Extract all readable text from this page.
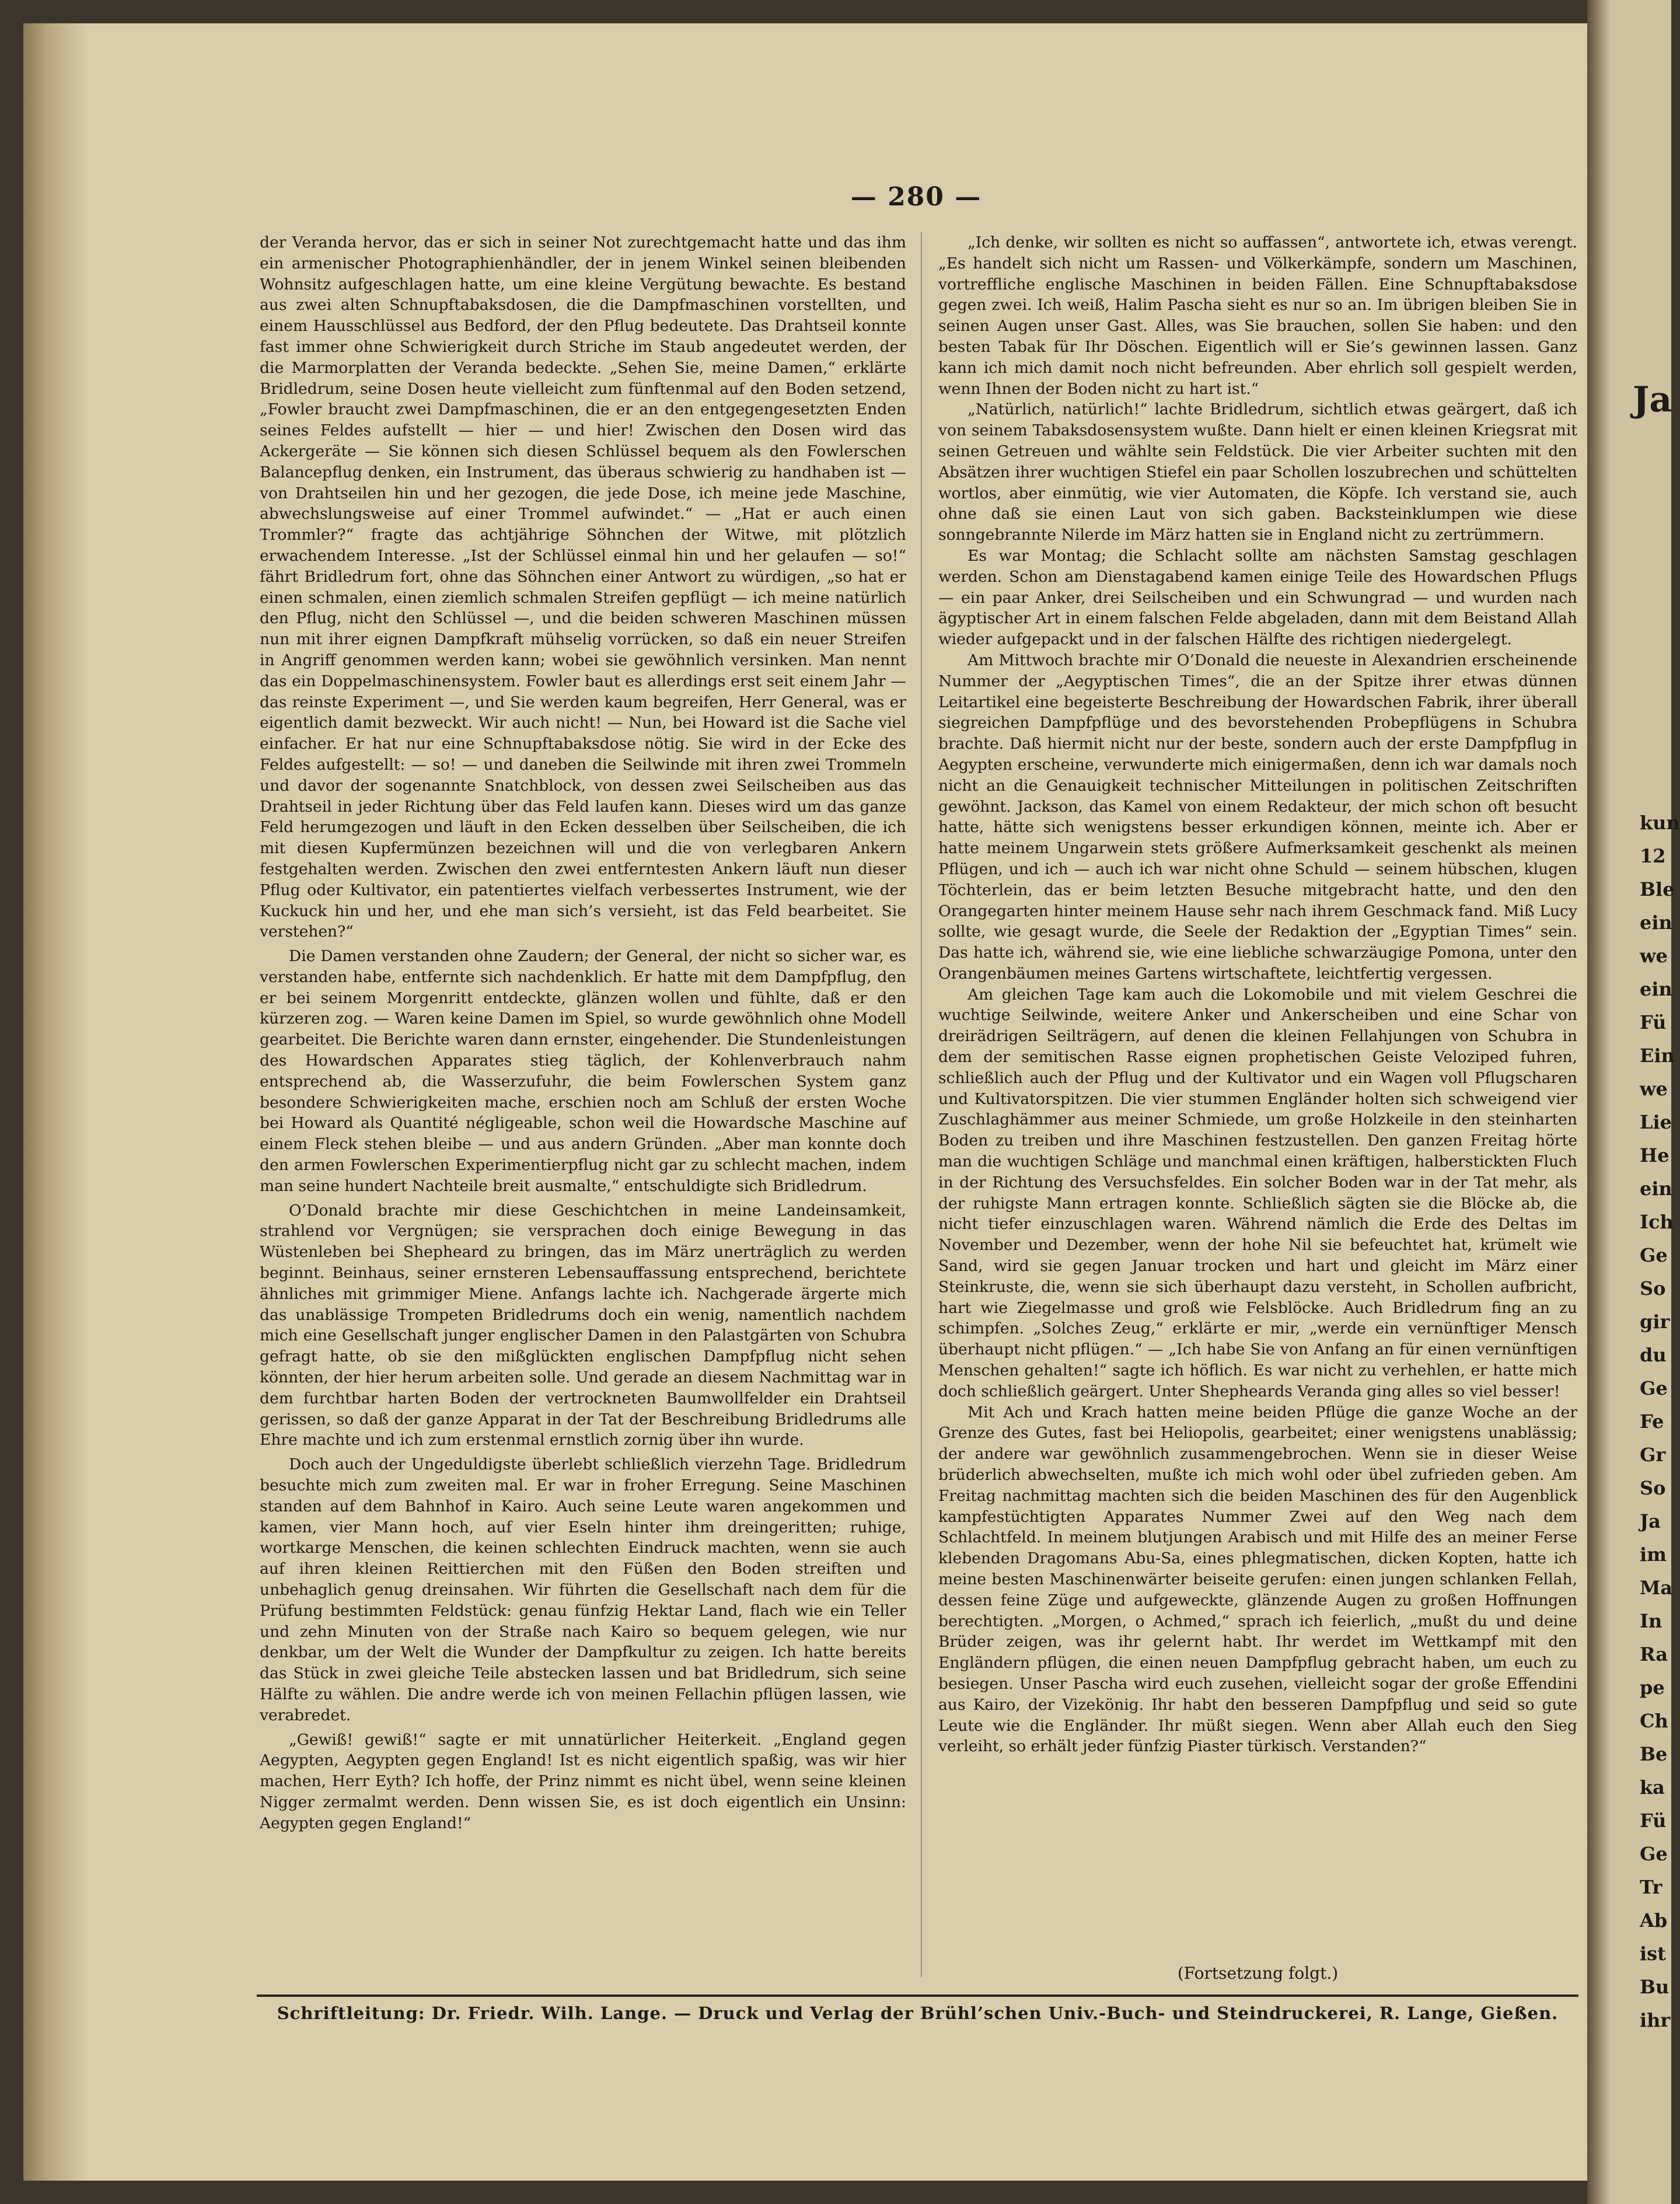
— 280 —

der Veranda hervor, das er sich in seiner Not zurechtgemacht hatte und das ihm ein armenischer Photographienhändler, der in jenem Winkel seinen bleibenden Wohnsitz aufgeschlagen hatte, um eine kleine Vergütung bewachte. Es bestand aus zwei alten Schnupftabaksdosen, die die Dampfmaschinen vorstellten, und einem Hausschlüssel aus Bedford, der den Pflug bedeutete. Das Drahtseil konnte fast immer ohne Schwierigkeit durch Striche im Staub angedeutet werden, der die Marmorplatten der Veranda bedeckte. „Sehen Sie, meine Damen,“ erklärte Bridledrum, seine Dosen heute vielleicht zum fünftenmal auf den Boden setzend, „Fowler braucht zwei Dampfmaschinen, die er an den entgegengesetzten Enden seines Feldes aufstellt — hier — und hier! Zwischen den Dosen wird das Ackergeräte — Sie können sich diesen Schlüssel bequem als den Fowlerschen Balancepflug denken, ein Instrument, das überaus schwierig zu handhaben ist — von Drahtseilen hin und her gezogen, die jede Dose, ich meine jede Maschine, abwechslungsweise auf einer Trommel aufwindet.“ — „Hat er auch einen Trommler?“ fragte das achtjährige Söhnchen der Witwe, mit plötzlich erwachendem Interesse. „Ist der Schlüssel einmal hin und her gelaufen — so!“ fährt Bridledrum fort, ohne das Söhnchen einer Antwort zu würdigen, „so hat er einen schmalen, einen ziemlich schmalen Streifen gepflügt — ich meine natürlich den Pflug, nicht den Schlüssel —, und die beiden schweren Maschinen müssen nun mit ihrer eignen Dampfkraft mühselig vorrücken, so daß ein neuer Streifen in Angriff genommen werden kann; wobei sie gewöhnlich versinken. Man nennt das ein Doppelmaschinensystem. Fowler baut es allerdings erst seit einem Jahr — das reinste Experiment —, und Sie werden kaum begreifen, Herr General, was er eigentlich damit bezweckt. Wir auch nicht! — Nun, bei Howard ist die Sache viel einfacher. Er hat nur eine Schnupftabaksdose nötig. Sie wird in der Ecke des Feldes aufgestellt: — so! — und daneben die Seilwinde mit ihren zwei Trommeln und davor der sogenannte Snatchblock, von dessen zwei Seilscheiben aus das Drahtseil in jeder Richtung über das Feld laufen kann. Dieses wird um das ganze Feld herumgezogen und läuft in den Ecken desselben über Seilscheiben, die ich mit diesen Kupfermünzen bezeichnen will und die von verlegbaren Ankern festgehalten werden. Zwischen den zwei entferntesten Ankern läuft nun dieser Pflug oder Kultivator, ein patentiertes vielfach verbessertes Instrument, wie der Kuckuck hin und her, und ehe man sich’s versieht, ist das Feld bearbeitet. Sie verstehen?“

Die Damen verstanden ohne Zaudern; der General, der nicht so sicher war, es verstanden habe, entfernte sich nachdenklich. Er hatte mit dem Dampfpflug, den er bei seinem Morgenritt entdeckte, glänzen wollen und fühlte, daß er den kürzeren zog. — Waren keine Damen im Spiel, so wurde gewöhnlich ohne Modell gearbeitet. Die Berichte waren dann ernster, eingehender. Die Stundenleistungen des Howardschen Apparates stieg täglich, der Kohlenverbrauch nahm entsprechend ab, die Wasserzufuhr, die beim Fowlerschen System ganz besondere Schwierigkeiten mache, erschien noch am Schluß der ersten Woche bei Howard als Quantité négligeable, schon weil die Howardsche Maschine auf einem Fleck stehen bleibe — und aus andern Gründen. „Aber man konnte doch den armen Fowlerschen Experimentierpflug nicht gar zu schlecht machen, indem man seine hundert Nachteile breit ausmalte,“ entschuldigte sich Bridledrum.

O’Donald brachte mir diese Geschichtchen in meine Landeinsamkeit, strahlend vor Vergnügen; sie versprachen doch einige Bewegung in das Wüstenleben bei Shepheard zu bringen, das im März unerträglich zu werden beginnt. Beinhaus, seiner ernsteren Lebensauffassung entsprechend, berichtete ähnliches mit grimmiger Miene. Anfangs lachte ich. Nachgerade ärgerte mich das unablässige Trompeten Bridledrums doch ein wenig, namentlich nachdem mich eine Gesellschaft junger englischer Damen in den Palastgärten von Schubra gefragt hatte, ob sie den mißglückten englischen Dampfpflug nicht sehen könnten, der hier herum arbeiten solle. Und gerade an diesem Nachmittag war in dem furchtbar harten Boden der vertrockneten Baumwollfelder ein Drahtseil gerissen, so daß der ganze Apparat in der Tat der Beschreibung Bridledrums alle Ehre machte und ich zum erstenmal ernstlich zornig über ihn wurde.

Doch auch der Ungeduldigste überlebt schließlich vierzehn Tage. Bridledrum besuchte mich zum zweiten mal. Er war in froher Erregung. Seine Maschinen standen auf dem Bahnhof in Kairo. Auch seine Leute waren angekommen und kamen, vier Mann hoch, auf vier Eseln hinter ihm dreingeritten; ruhige, wortkarge Menschen, die keinen schlechten Eindruck machten, wenn sie auch auf ihren kleinen Reittierchen mit den Füßen den Boden streiften und unbehaglich genug dreinsahen. Wir führten die Gesellschaft nach dem für die Prüfung bestimmten Feldstück: genau fünfzig Hektar Land, flach wie ein Teller und zehn Minuten von der Straße nach Kairo so bequem gelegen, wie nur denkbar, um der Welt die Wunder der Dampfkultur zu zeigen. Ich hatte bereits das Stück in zwei gleiche Teile abstecken lassen und bat Bridledrum, sich seine Hälfte zu wählen. Die andre werde ich von meinen Fellachin pflügen lassen, wie verabredet.

„Gewiß! gewiß!“ sagte er mit unnatürlicher Heiterkeit. „England gegen Aegypten, Aegypten gegen England! Ist es nicht eigentlich spaßig, was wir hier machen, Herr Eyth? Ich hoffe, der Prinz nimmt es nicht übel, wenn seine kleinen Nigger zermalmt werden. Denn wissen Sie, es ist doch eigentlich ein Unsinn: Aegypten gegen England!“

„Ich denke, wir sollten es nicht so auffassen“, antwortete ich, etwas verengt. „Es handelt sich nicht um Rassen- und Völkerkämpfe, sondern um Maschinen, vortreffliche englische Maschinen in beiden Fällen. Eine Schnupftabaksdose gegen zwei. Ich weiß, Halim Pascha sieht es nur so an. Im übrigen bleiben Sie in seinen Augen unser Gast. Alles, was Sie brauchen, sollen Sie haben: und den besten Tabak für Ihr Döschen. Eigentlich will er Sie’s gewinnen lassen. Ganz kann ich mich damit noch nicht befreunden. Aber ehrlich soll gespielt werden, wenn Ihnen der Boden nicht zu hart ist.“

„Natürlich, natürlich!“ lachte Bridledrum, sichtlich etwas geärgert, daß ich von seinem Tabaksdosensystem wußte. Dann hielt er einen kleinen Kriegsrat mit seinen Getreuen und wählte sein Feldstück. Die vier Arbeiter suchten mit den Absätzen ihrer wuchtigen Stiefel ein paar Schollen loszubrechen und schüttelten wortlos, aber einmütig, wie vier Automaten, die Köpfe. Ich verstand sie, auch ohne daß sie einen Laut von sich gaben. Backsteinklumpen wie diese sonngebrannte Nilerde im März hatten sie in England nicht zu zertrümmern.

Es war Montag; die Schlacht sollte am nächsten Samstag geschlagen werden. Schon am Dienstagabend kamen einige Teile des Howardschen Pflugs — ein paar Anker, drei Seilscheiben und ein Schwungrad — und wurden nach ägyptischer Art in einem falschen Felde abgeladen, dann mit dem Beistand Allah wieder aufgepackt und in der falschen Hälfte des richtigen niedergelegt.

Am Mittwoch brachte mir O’Donald die neueste in Alexandrien erscheinende Nummer der „Aegyptischen Times“, die an der Spitze ihrer etwas dünnen Leitartikel eine begeisterte Beschreibung der Howardschen Fabrik, ihrer überall siegreichen Dampfpflüge und des bevorstehenden Probepflügens in Schubra brachte. Daß hiermit nicht nur der beste, sondern auch der erste Dampfpflug in Aegypten erscheine, verwunderte mich einigermaßen, denn ich war damals noch nicht an die Genauigkeit technischer Mitteilungen in politischen Zeitschriften gewöhnt. Jackson, das Kamel von einem Redakteur, der mich schon oft besucht hatte, hätte sich wenigstens besser erkundigen können, meinte ich. Aber er hatte meinem Ungarwein stets größere Aufmerksamkeit geschenkt als meinen Pflügen, und ich — auch ich war nicht ohne Schuld — seinem hübschen, klugen Töchterlein, das er beim letzten Besuche mitgebracht hatte, und den den Orangegarten hinter meinem Hause sehr nach ihrem Geschmack fand. Miß Lucy sollte, wie gesagt wurde, die Seele der Redaktion der „Egyptian Times“ sein. Das hatte ich, während sie, wie eine liebliche schwarzäugige Pomona, unter den Orangenbäumen meines Gartens wirtschaftete, leichtfertig vergessen.

Am gleichen Tage kam auch die Lokomobile und mit vielem Geschrei die wuchtige Seilwinde, weitere Anker und Ankerscheiben und eine Schar von dreirädrigen Seilträgern, auf denen die kleinen Fellahjungen von Schubra in dem der semitischen Rasse eignen prophetischen Geiste Veloziped fuhren, schließlich auch der Pflug und der Kultivator und ein Wagen voll Pflugscharen und Kultivatorspitzen. Die vier stummen Engländer holten sich schweigend vier Zuschlaghämmer aus meiner Schmiede, um große Holzkeile in den steinharten Boden zu treiben und ihre Maschinen festzustellen. Den ganzen Freitag hörte man die wuchtigen Schläge und manchmal einen kräftigen, halberstickten Fluch in der Richtung des Versuchsfeldes. Ein solcher Boden war in der Tat mehr, als der ruhigste Mann ertragen konnte. Schließlich sägten sie die Blöcke ab, die nicht tiefer einzuschlagen waren. Während nämlich die Erde des Deltas im November und Dezember, wenn der hohe Nil sie befeuchtet hat, krümelt wie Sand, wird sie gegen Januar trocken und hart und gleicht im März einer Steinkruste, die, wenn sie sich überhaupt dazu versteht, in Schollen aufbricht, hart wie Ziegelmasse und groß wie Felsblöcke. Auch Bridledrum fing an zu schimpfen. „Solches Zeug,“ erklärte er mir, „werde ein vernünftiger Mensch überhaupt nicht pflügen.“ — „Ich habe Sie von Anfang an für einen vernünftigen Menschen gehalten!“ sagte ich höflich. Es war nicht zu verhehlen, er hatte mich doch schließlich geärgert. Unter Shepheards Veranda ging alles so viel besser!

Mit Ach und Krach hatten meine beiden Pflüge die ganze Woche an der Grenze des Gutes, fast bei Heliopolis, gearbeitet; einer wenigstens unablässig; der andere war gewöhnlich zusammengebrochen. Wenn sie in dieser Weise brüderlich abwechselten, mußte ich mich wohl oder übel zufrieden geben. Am Freitag nachmittag machten sich die beiden Maschinen des für den Augenblick kampfestüchtigten Apparates Nummer Zwei auf den Weg nach dem Schlachtfeld. In meinem blutjungen Arabisch und mit Hilfe des an meiner Ferse klebenden Dragomans Abu-Sa, eines phlegmatischen, dicken Kopten, hatte ich meine besten Maschinenwärter beiseite gerufen: einen jungen schlanken Fellah, dessen feine Züge und aufgeweckte, glänzende Augen zu großen Hoffnungen berechtigten. „Morgen, o Achmed,“ sprach ich feierlich, „mußt du und deine Brüder zeigen, was ihr gelernt habt. Ihr werdet im Wettkampf mit den Engländern pflügen, die einen neuen Dampfpflug gebracht haben, um euch zu besiegen. Unser Pascha wird euch zusehen, vielleicht sogar der große Effendini aus Kairo, der Vizekönig. Ihr habt den besseren Dampfpflug und seid so gute Leute wie die Engländer. Ihr müßt siegen. Wenn aber Allah euch den Sieg verleiht, so erhält jeder fünfzig Piaster türkisch. Verstanden?“

(Fortsetzung folgt.)
Schriftleitung: Dr. Friedr. Wilh. Lange. — Druck und Verlag der Brühl’schen Univ.-Buch- und Steindruckerei, R. Lange, Gießen.
Ja
kun
12
Ble
ein
we
ein
Fü
Ein
we
Lie
He
ein
Ich
Ge
So
gir
du
Ge
Fe
Gr
So
Ja
im
Ma
In
Ra
pe
Ch
Be
ka
Fü
Ge
Tr
Ab
ist
Bu
ihr
